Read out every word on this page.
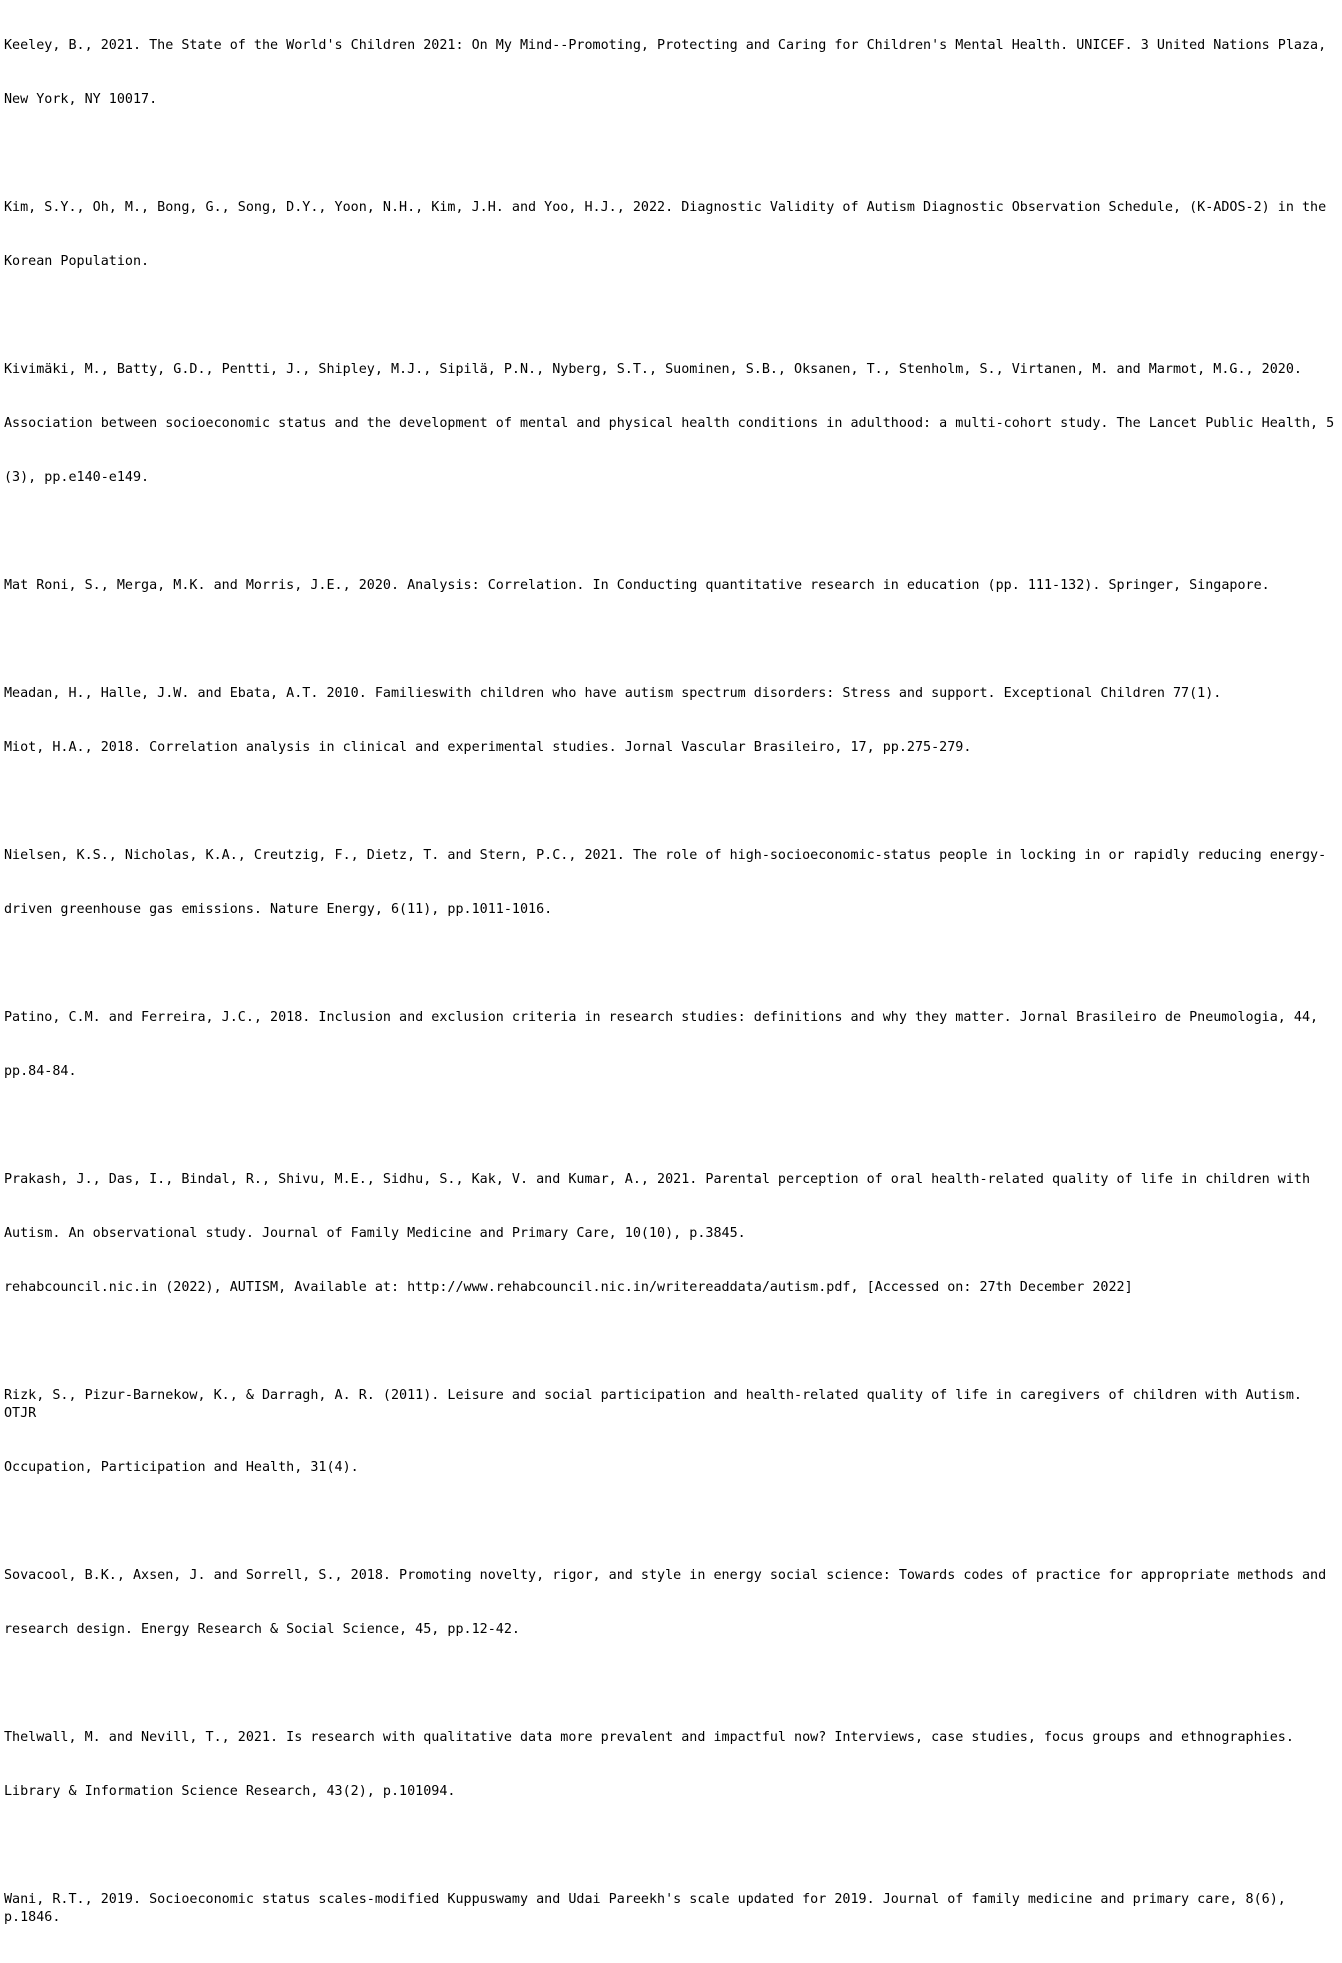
Keeley, B., 2021. The State of the World's Children 2021: On My Mind--Promoting, Protecting and Caring for Children's Mental Health. UNICEF. 3 United Nations Plaza,

New York, NY 10017.

Kim, S.Y., Oh, M., Bong, G., Song, D.Y., Yoon, N.H., Kim, J.H. and Yoo, H.J., 2022. Diagnostic Validity of Autism Diagnostic Observation Schedule, (K-ADOS-2) in the

Korean Population.

Kivimäki, M., Batty, G.D., Pentti, J., Shipley, M.J., Sipilä, P.N., Nyberg, S.T., Suominen, S.B., Oksanen, T., Stenholm, S., Virtanen, M. and Marmot, M.G., 2020.

Association between socioeconomic status and the development of mental and physical health conditions in adulthood: a multi-cohort study. The Lancet Public Health, 5

(3), pp.e140-e149.

Mat Roni, S., Merga, M.K. and Morris, J.E., 2020. Analysis: Correlation. In Conducting quantitative research in education (pp. 111-132). Springer, Singapore.

Meadan, H., Halle, J.W. and Ebata, A.T. 2010. Familieswith children who have autism spectrum disorders: Stress and support. Exceptional Children 77(1).

Miot, H.A., 2018. Correlation analysis in clinical and experimental studies. Jornal Vascular Brasileiro, 17, pp.275-279.

Nielsen, K.S., Nicholas, K.A., Creutzig, F., Dietz, T. and Stern, P.C., 2021. The role of high-socioeconomic-status people in locking in or rapidly reducing energy-

driven greenhouse gas emissions. Nature Energy, 6(11), pp.1011-1016.

Patino, C.M. and Ferreira, J.C., 2018. Inclusion and exclusion criteria in research studies: definitions and why they matter. Jornal Brasileiro de Pneumologia, 44,

pp.84-84.

Prakash, J., Das, I., Bindal, R., Shivu, M.E., Sidhu, S., Kak, V. and Kumar, A., 2021. Parental perception of oral health-related quality of life in children with

Autism. An observational study. Journal of Family Medicine and Primary Care, 10(10), p.3845.

rehabcouncil.nic.in (2022), AUTISM, Available at: http://www.rehabcouncil.nic.in/writereaddata/autism.pdf, [Accessed on: 27th December 2022]

Rizk, S., Pizur-Barnekow, K., & Darragh, A. R. (2011). Leisure and social participation and health-related quality of life in caregivers of children with Autism. OTJR

Occupation, Participation and Health, 31(4).

Sovacool, B.K., Axsen, J. and Sorrell, S., 2018. Promoting novelty, rigor, and style in energy social science: Towards codes of practice for appropriate methods and

research design. Energy Research & Social Science, 45, pp.12-42.

Thelwall, M. and Nevill, T., 2021. Is research with qualitative data more prevalent and impactful now? Interviews, case studies, focus groups and ethnographies.

Library & Information Science Research, 43(2), p.101094.

Wani, R.T., 2019. Socioeconomic status scales-modified Kuppuswamy and Udai Pareekh's scale updated for 2019. Journal of family medicine and primary care, 8(6), p.1846.
